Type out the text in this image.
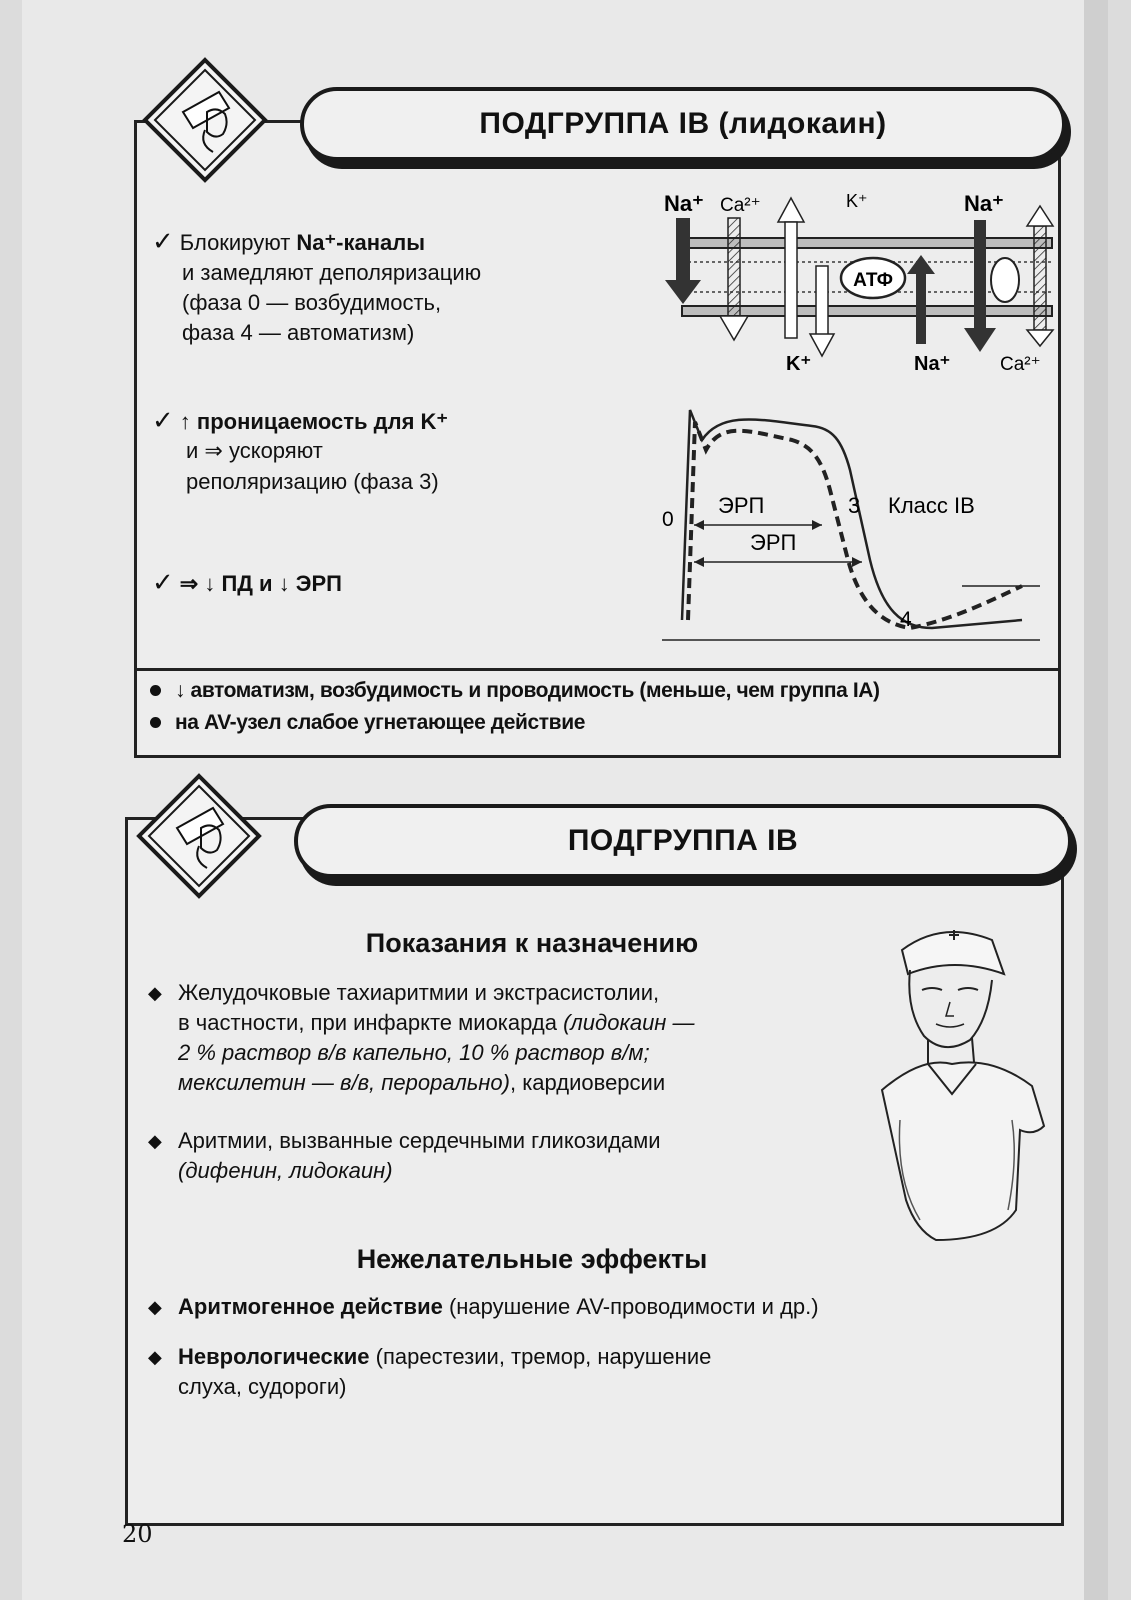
ПОДГРУППА IB (лидокаин)
✓ Блокируют Na⁺-каналы
и замедляют деполяризацию
(фаза 0 — возбудимость,
фаза 4 — автоматизм)
✓ ↑ проницаемость для K⁺
и ⇒ ускоряют
реполяризацию (фаза 3)
✓ ⇒ ↓ ПД и ↓ ЭРП
Na⁺ Ca²⁺	K⁺	Na⁺
K⁺	Na⁺	Ca²⁺
АТФ
0
ЭРП	3 Класс IB
ЭРП
4
↓ автоматизм, возбудимость и проводимость (меньше, чем группа IA)
на AV-узел слабое угнетающее действие
ПОДГРУППА IB
Показания к назначению
◆ Желудочковые тахиаритмии и экстрасистолии,
в частности, при инфаркте миокарда (лидокаин —
2 % раствор в/в капельно, 10 % раствор в/м;
мексилетин — в/в, перорально), кардиоверсии
◆ Аритмии, вызванные сердечными гликозидами
(дифенин, лидокаин)
Нежелательные эффекты
◆ Аритмогенное действие (нарушение AV-проводимости и др.)
◆ Неврологические (парестезии, тремор, нарушение
слуха, судороги)
20
